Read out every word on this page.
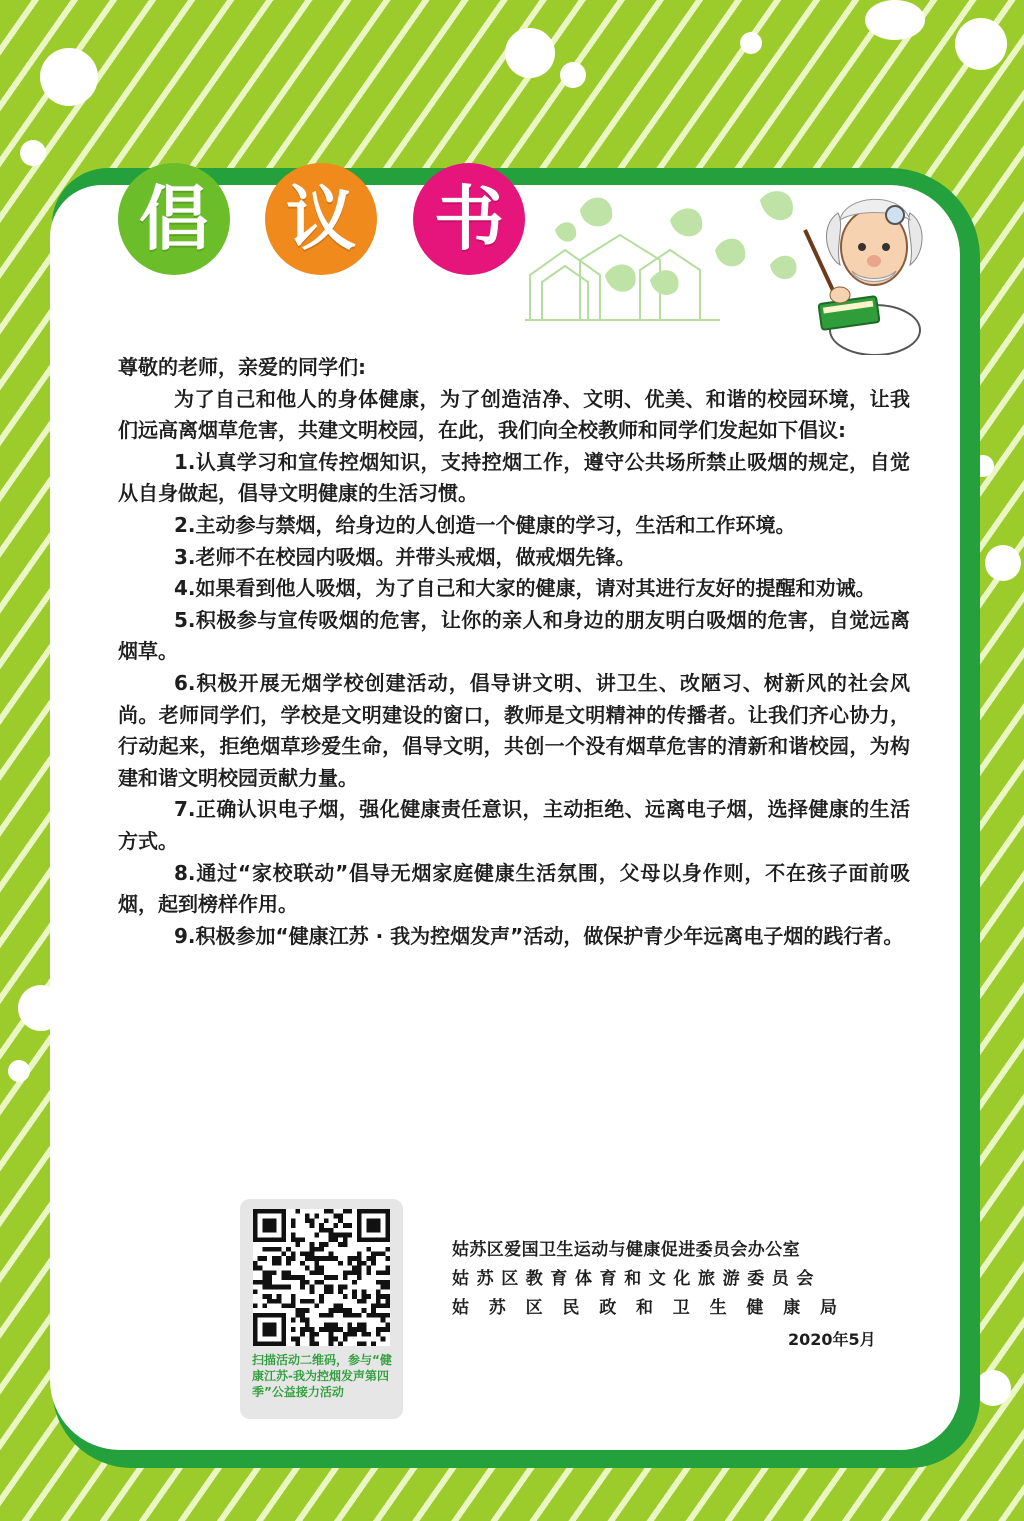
倡	议	书

尊敬的老师，亲爱的同学们:

为了自己和他人的身体健康，为了创造洁净、文明、优美、和谐的校园环境，让我们远高离烟草危害，共建文明校园，在此，我们向全校教师和同学们发起如下倡议:

1.认真学习和宣传控烟知识，支持控烟工作，遵守公共场所禁止吸烟的规定，自觉从自身做起，倡导文明健康的生活习惯。

2.主动参与禁烟，给身边的人创造一个健康的学习，生活和工作环境。

3.老师不在校园内吸烟。并带头戒烟，做戒烟先锋。

4.如果看到他人吸烟，为了自己和大家的健康，请对其进行友好的提醒和劝诫。

5.积极参与宣传吸烟的危害，让你的亲人和身边的朋友明白吸烟的危害，自觉远离烟草。

6.积极开展无烟学校创建活动，倡导讲文明、讲卫生、改陋习、树新风的社会风尚。老师同学们，学校是文明建设的窗口，教师是文明精神的传播者。让我们齐心协力，行动起来，拒绝烟草珍爱生命，倡导文明，共创一个没有烟草危害的清新和谐校园，为构建和谐文明校园贡献力量。

7.正确认识电子烟，强化健康责任意识，主动拒绝、远离电子烟，选择健康的生活方式。

8.通过“家校联动”倡导无烟家庭健康生活氛围，父母以身作则，不在孩子面前吸烟，起到榜样作用。

9.积极参加“健康江苏 · 我为控烟发声”活动，做保护青少年远离电子烟的践行者。

扫描活动二维码，参与“健康江苏-我为控烟发声第四季”公益接力活动
姑苏区爱国卫生运动与健康促进委员会办公室
姑苏区教育体育和文化旅游委员会
姑苏区民政和卫生健康局
2020年5月
